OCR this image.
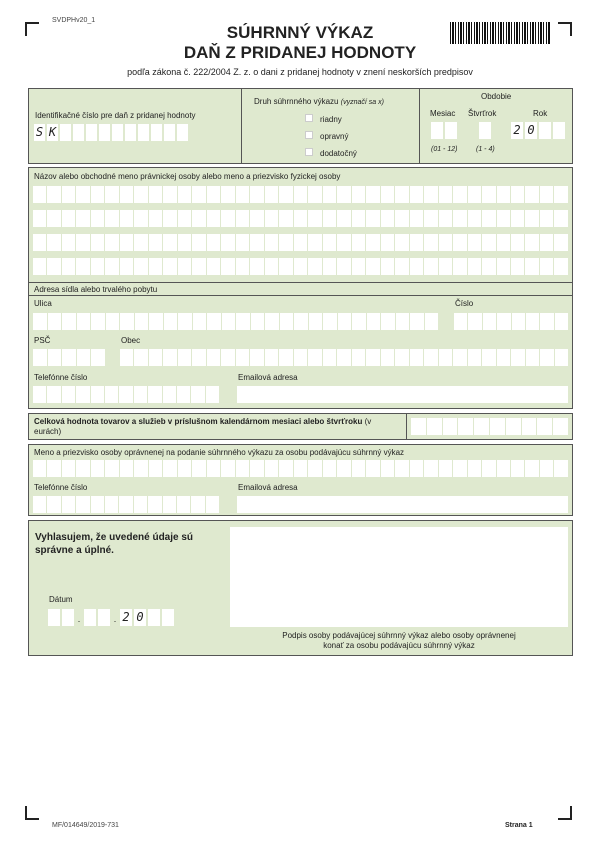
SVDPHv20_1
SÚHRNNÝ VÝKAZ
DAŇ Z PRIDANEJ HODNOTY
podľa zákona č. 222/2004 Z. z. o dani z pridanej hodnoty v znení neskorších predpisov
Identifikačné číslo pre daň z pridanej hodnoty
S K
Druh súhrnného výkazu (vyznačí sa x)
riadny
opravný
dodatočný
Obdobie
Mesiac Štvrťrok	Rok
2 0
(01 - 12)	(1 - 4)
Názov alebo obchodné meno právnickej osoby alebo meno a priezvisko fyzickej osoby
Adresa sídla alebo trvalého pobytu
Ulica	Číslo
PSČ	Obec
Telefónne číslo	Emailová adresa
Celková hodnota tovarov a služieb v príslušnom kalendárnom mesiaci alebo štvrťroku (v eurách)
Meno a priezvisko osoby oprávnenej na podanie súhrnného výkazu za osobu podávajúcu súhrnný výkaz
Telefónne číslo	Emailová adresa
Vyhlasujem, že uvedené údaje sú správne a úplné.
Dátum
.	. 2 0
Podpis osoby podávajúcej súhrnný výkaz alebo osoby oprávnenej
konať za osobu podávajúcu súhrnný výkaz
MF/014649/2019-731	Strana 1
